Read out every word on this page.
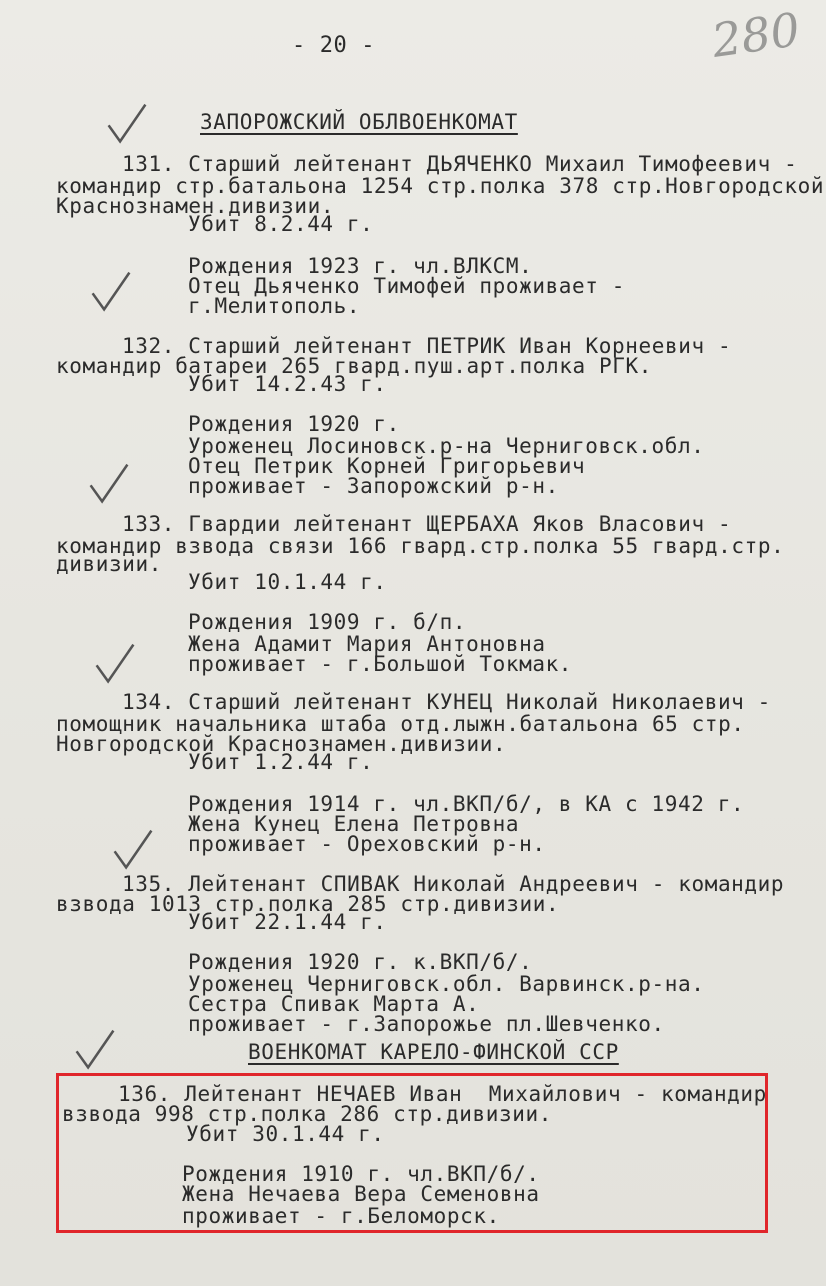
- 20 -	280
ЗАПОРОЖСКИЙ ОБЛВОЕНКОМАТ
131. Старший лейтенант ДЬЯЧЕНКО Михаил Тимофеевич -
командир стр.батальона 1254 стр.полка 378 стр.Новгородской
Краснознамен.дивизии.
Убит 8.2.44 г.
Рождения 1923 г. чл.ВЛКСМ.
Отец Дьяченко Тимофей проживает -
г.Мелитополь.
132. Старший лейтенант ПЕТРИК Иван Корнеевич -
командир батареи 265 гвард.пуш.арт.полка РГК.
Убит 14.2.43 г.
Рождения 1920 г.
Уроженец Лосиновск.р-на Черниговск.обл.
Отец Петрик Корней Григорьевич
проживает - Запорожский р-н.
133. Гвардии лейтенант ЩЕРБАХА Яков Власович -
командир взвода связи 166 гвард.стр.полка 55 гвард.стр.
дивизии.
Убит 10.1.44 г.
Рождения 1909 г. б/п.
Жена Адамит Мария Антоновна
проживает - г.Большой Токмак.
134. Старший лейтенант КУНЕЦ Николай Николаевич -
помощник начальника штаба отд.лыжн.батальона 65 стр.
Новгородской Краснознамен.дивизии.
Убит 1.2.44 г.
Рождения 1914 г. чл.ВКП/б/, в КА с 1942 г.
Жена Кунец Елена Петровна
проживает - Ореховский р-н.
135. Лейтенант СПИВАК Николай Андреевич - командир
взвода 1013 стр.полка 285 стр.дивизии.
Убит 22.1.44 г.
Рождения 1920 г. к.ВКП/б/.
Уроженец Черниговск.обл. Варвинск.р-на.
Сестра Спивак Марта А.
проживает - г.Запорожье пл.Шевченко.
ВОЕНКОМАТ КАРЕЛО-ФИНСКОЙ ССР
136. Лейтенант НЕЧАЕВ Иван  Михайлович - командир
взвода 998 стр.полка 286 стр.дивизии.
Убит 30.1.44 г.
Рождения 1910 г. чл.ВКП/б/.
Жена Нечаева Вера Семеновна
проживает - г.Беломорск.
